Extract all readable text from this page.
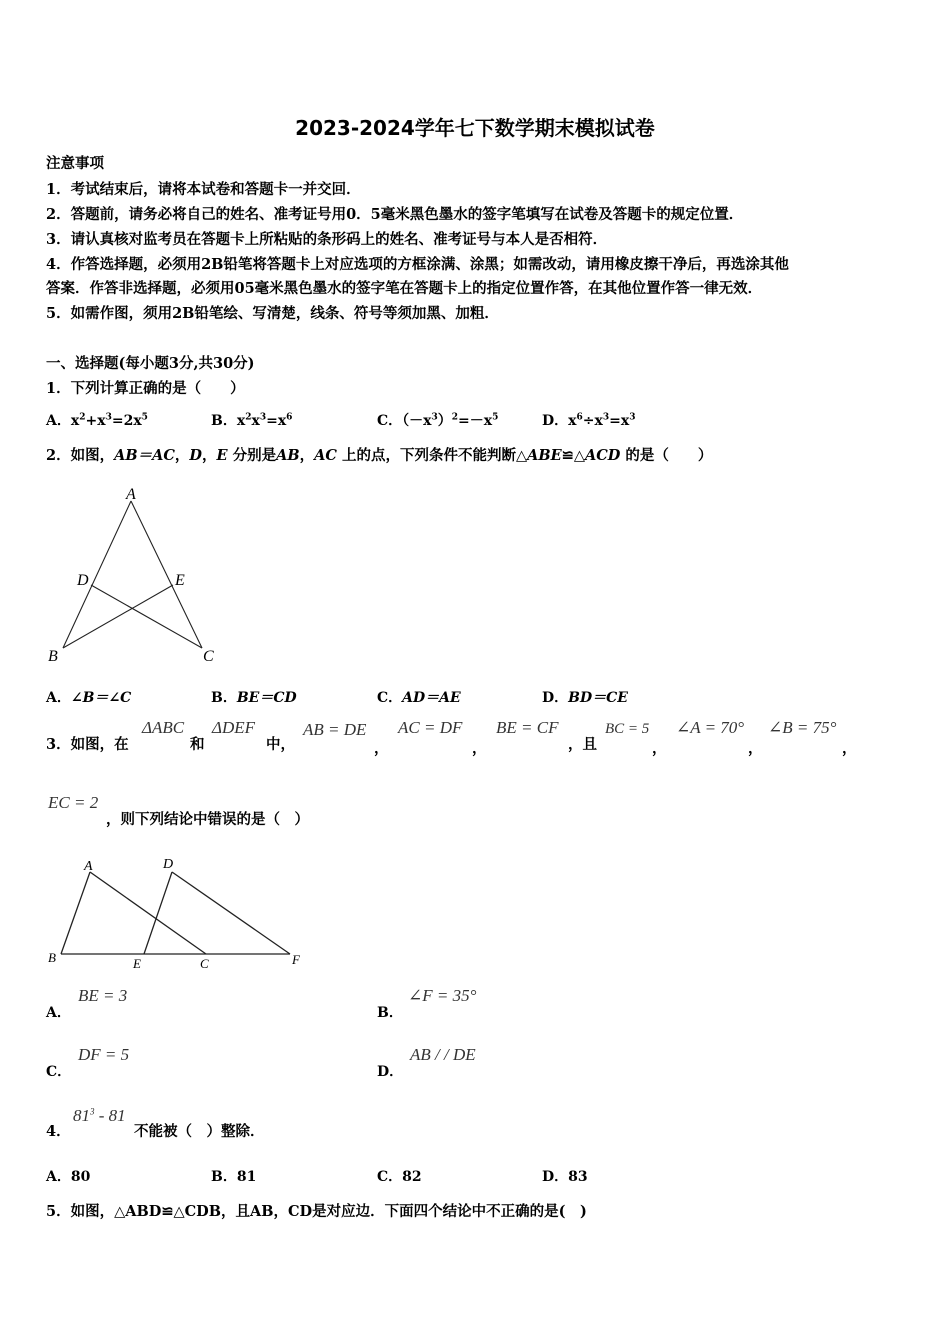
2023-2024学年七下数学期末模拟试卷
注意事项
1．考试结束后，请将本试卷和答题卡一并交回．
2．答题前，请务必将自己的姓名、准考证号用0．5毫米黑色墨水的签字笔填写在试卷及答题卡的规定位置．
3．请认真核对监考员在答题卡上所粘贴的条形码上的姓名、准考证号与本人是否相符．
4．作答选择题，必须用2B铅笔将答题卡上对应选项的方框涂满、涂黑；如需改动，请用橡皮擦干净后，再选涂其他
答案．作答非选择题，必须用05毫米黑色墨水的签字笔在答题卡上的指定位置作答，在其他位置作答一律无效．
5．如需作图，须用2B铅笔绘、写清楚，线条、符号等须加黑、加粗．
一、选择题(每小题3分,共30分)
1．下列计算正确的是（　　）
A．$x^2+x^3=2x^5$	B．$x^2x^3=x^6$	C．$(-x^3)^2=-x^5$	D．$x^6\div x^3=x^3$
2．如图，AB＝AC，D，E 分别是AB，AC 上的点，下列条件不能判断△ABE≌△ACD 的是（　　）
A
D	E
B	C
A．∠B＝∠C	B．BE＝CD	C．AD＝AE	D．BD＝CE
3．如图，在
ΔABC
和
ΔDEF
中，
AB = DE
，
AC = DF
，
BE = CF
，且
BC = 5
，
∠A = 70°
，
∠B = 75°
，
EC = 2
，则下列结论中错误的是（　）
A	D
B	E	C	F
A．
BE = 3
B．
∠F = 35°
C．
DF = 5
D．
AB / / DE
4．
$81^3 - 81$
不能被（　）整除．
A．80	B．81	C．82	D．83
5．如图，△ABD≌△CDB，且AB，CD是对应边．下面四个结论中不正确的是(　)
